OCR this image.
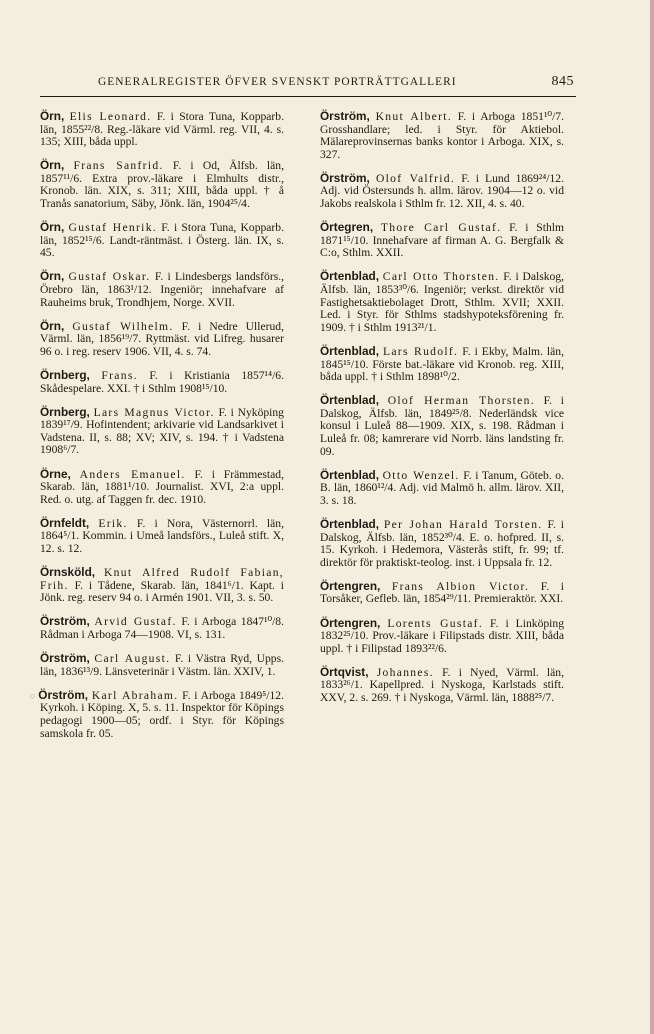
GENERALREGISTER ÖFVER SVENSKT PORTRÄTTGALLERI	845

Örn, Elis Leonard. F. i Stora Tuna, Kopparb. län, 1855²²/8. Reg.-läkare vid Värml. reg. VII, 4. s. 135; XIII, båda uppl.

Örn, Frans Sanfrid. F. i Od, Älfsb. län, 1857¹¹/6. Extra prov.-läkare i Elmhults distr., Kronob. län. XIX, s. 311; XIII, båda uppl. † å Tranås sanatorium, Säby, Jönk. län, 1904²⁵/4.

Örn, Gustaf Henrik. F. i Stora Tuna, Kopparb. län, 1852¹⁵/6. Landt-räntmäst. i Österg. län. IX, s. 45.

Örn, Gustaf Oskar. F. i Lindesbergs landsförs., Örebro län, 1863¹/12. Ingeniör; innehafvare af Rauheims bruk, Trondhjem, Norge. XVII.

Örn, Gustaf Wilhelm. F. i Nedre Ullerud, Värml. län, 1856¹⁹/7. Ryttmäst. vid Lifreg. husarer 96 o. i reg. reserv 1906. VII, 4. s. 74.

Örnberg, Frans. F. i Kristiania 1857¹⁴/6. Skådespelare. XXI. † i Sthlm 1908¹⁵/10.

Örnberg, Lars Magnus Victor. F. i Nyköping 1839¹⁷/9. Hofintendent; arkivarie vid Landsarkivet i Vadstena. II, s. 88; XV; XIV, s. 194. † i Vadstena 1908⁶/7.

Örne, Anders Emanuel. F. i Främmestad, Skarab. län, 1881¹/10. Journalist. XVI, 2:a uppl. Red. o. utg. af Taggen fr. dec. 1910.

Örnfeldt, Erik. F. i Nora, Västernorrl. län, 1864⁵/1. Kommin. i Umeå landsförs., Luleå stift. X, 12. s. 12.

Örnsköld, Knut Alfred Rudolf Fabian, Frih. F. i Tådene, Skarab. län, 1841⁶/1. Kapt. i Jönk. reg. reserv 94 o. i Armén 1901. VII, 3. s. 50.

Örström, Arvid Gustaf. F. i Arboga 1847¹⁰/8. Rådman i Arboga 74—1908. VI, s. 131.

Örström, Carl August. F. i Västra Ryd, Upps. län, 1836¹³/9. Länsveterinär i Västm. län. XXIV, 1.

○ Örström, Karl Abraham. F. i Arboga 1849⁵/12. Kyrkoh. i Köping. X, 5. s. 11. Inspektor för Köpings pedagogi 1900—05; ordf. i Styr. för Köpings samskola fr. 05.

Örström, Knut Albert. F. i Arboga 1851¹⁰/7. Grosshandlare; led. i Styr. för Aktiebol. Mälareprovinsernas banks kontor i Arboga. XIX, s. 327.

Örström, Olof Valfrid. F. i Lund 1869²⁴/12. Adj. vid Östersunds h. allm. lärov. 1904—12 o. vid Jakobs realskola i Sthlm fr. 12. XII, 4. s. 40.

Örtegren, Thore Carl Gustaf. F. i Sthlm 1871¹⁵/10. Innehafvare af firman A. G. Bergfalk & C:o, Sthlm. XXII.

Örtenblad, Carl Otto Thorsten. F. i Dalskog, Älfsb. län, 1853³⁰/6. Ingeniör; verkst. direktör vid Fastighetsaktiebolaget Drott, Sthlm. XVII; XXII. Led. i Styr. för Sthlms stadshypoteksförening fr. 1909. † i Sthlm 1913²¹/1.

Örtenblad, Lars Rudolf. F. i Ekby, Malm. län, 1845¹⁵/10. Förste bat.-läkare vid Kronob. reg. XIII, båda uppl. † i Sthlm 1898¹⁰/2.

Örtenblad, Olof Herman Thorsten. F. i Dalskog, Älfsb. län, 1849²⁵/8. Nederländsk vice konsul i Luleå 88—1909. XIX, s. 198. Rådman i Luleå fr. 08; kamrerare vid Norrb. läns landsting fr. 09.

Örtenblad, Otto Wenzel. F. i Tanum, Göteb. o. B. län, 1860¹²/4. Adj. vid Malmö h. allm. lärov. XII, 3. s. 18.

Örtenblad, Per Johan Harald Torsten. F. i Dalskog, Älfsb. län, 1852³⁰/4. E. o. hofpred. II, s. 15. Kyrkoh. i Hedemora, Västerås stift, fr. 99; tf. direktör för praktiskt-teolog. inst. i Uppsala fr. 12.

Örtengren, Frans Albion Victor. F. i Torsåker, Gefleb. län, 1854²⁹/11. Premieraktör. XXI.

Örtengren, Lorents Gustaf. F. i Linköping 1832²⁵/10. Prov.-läkare i Filipstads distr. XIII, båda uppl. † i Filipstad 1893²²/6.

Örtqvist, Johannes. F. i Nyed, Värml. län, 1833²⁶/1. Kapellpred. i Nyskoga, Karlstads stift. XXV, 2. s. 269. † i Nyskoga, Värml. län, 1888²⁵/7.
